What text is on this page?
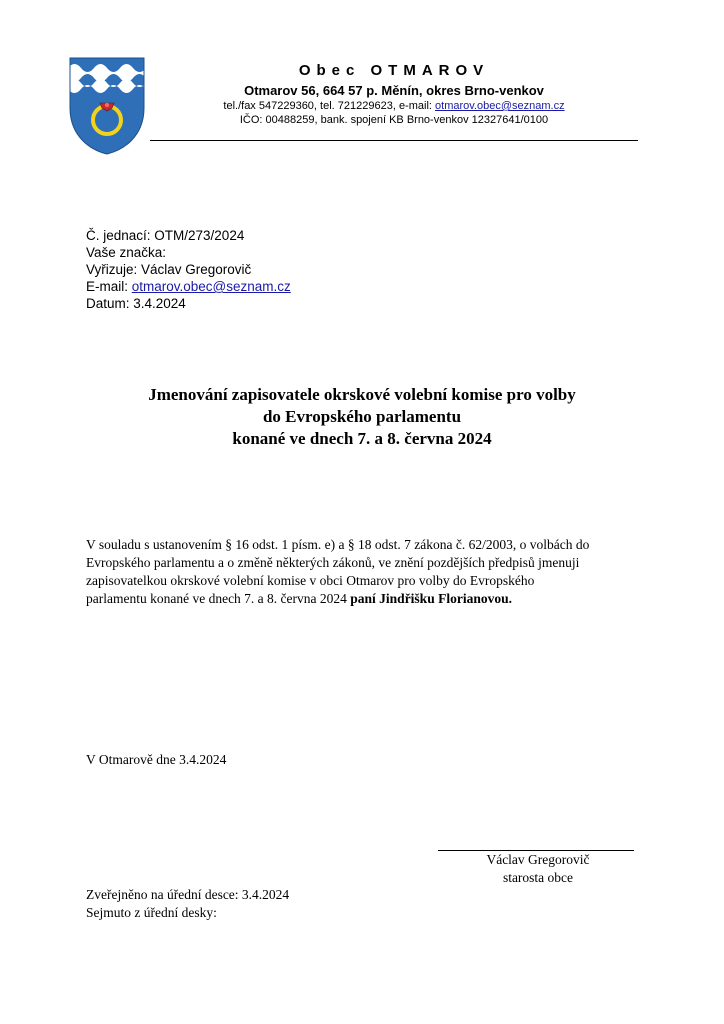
Obec OTMAROV
Otmarov 56, 664 57 p. Měnín, okres Brno-venkov
tel./fax 547229360, tel. 721229623, e-mail: otmarov.obec@seznam.cz
IČO: 00488259, bank. spojení KB Brno-venkov 12327641/0100
Č. jednací: OTM/273/2024
Vaše značka:
Vyřizuje: Václav Gregorovič
E-mail: otmarov.obec@seznam.cz
Datum: 3.4.2024
Jmenování zapisovatele okrskové volební komise pro volby
do Evropského parlamentu
konané ve dnech 7. a 8. června 2024
V souladu s ustanovením § 16 odst. 1 písm. e) a § 18 odst. 7 zákona č. 62/2003, o volbách do
Evropského parlamentu a o změně některých zákonů, ve znění pozdějších předpisů jmenuji
zapisovatelkou okrskové volební komise v obci Otmarov pro volby do Evropského
parlamentu konané ve dnech 7. a 8. června 2024 paní Jindřišku Florianovou.
V Otmarově dne 3.4.2024
Václav Gregorovič
starosta obce
Zveřejněno na úřední desce: 3.4.2024
Sejmuto z úřední desky:
